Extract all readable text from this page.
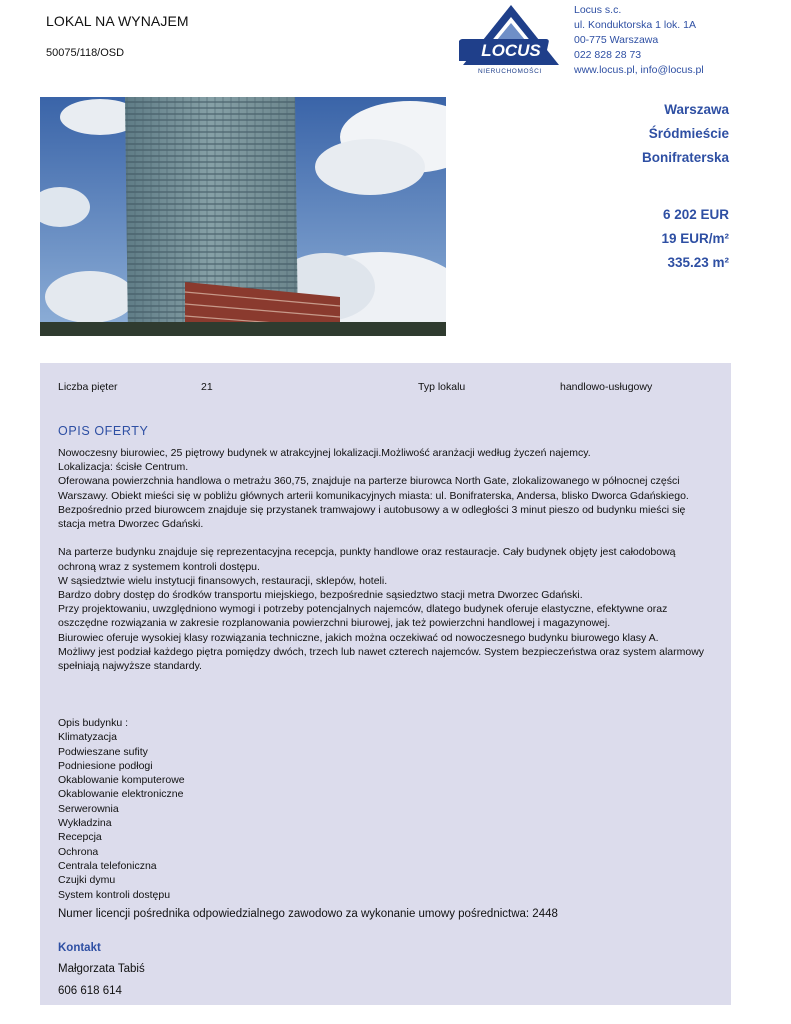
LOKAL NA WYNAJEM
50075/118/OSD	LOCUS
NIERUCHOMOŚCI
Locus s.c.
ul. Konduktorska 1 lok. 1A
00-775 Warszawa
022 828 28 73
www.locus.pl, info@locus.pl
Warszawa
Śródmieście
Bonifraterska
6 202 EUR
19 EUR/m²
335.23 m²
Liczba pięter	21	Typ lokalu	handlowo-usługowy
OPIS OFERTY
Nowoczesny biurowiec, 25 piętrowy budynek w atrakcyjnej lokalizacji.Możliwość aranżacji według życzeń najemcy.
Lokalizacja: ścisłe Centrum.
Oferowana powierzchnia handlowa o metrażu 360,75, znajduje na parterze biurowca North Gate, zlokalizowanego w północnej części
Warszawy. Obiekt mieści się w pobliżu głównych arterii komunikacyjnych miasta: ul. Bonifraterska, Andersa, blisko Dworca Gdańskiego.
Bezpośrednio przed biurowcem znajduje się przystanek tramwajowy i autobusowy a w odległości 3 minut pieszo od budynku mieści się
stacja metra Dworzec Gdański.
Na parterze budynku znajduje się reprezentacyjna recepcja, punkty handlowe oraz restauracje. Cały budynek objęty jest całodobową
ochroną wraz z systemem kontroli dostępu.
W sąsiedztwie wielu instytucji finansowych, restauracji, sklepów, hoteli.
Bardzo dobry dostęp do środków transportu miejskiego, bezpośrednie sąsiedztwo stacji metra Dworzec Gdański.
Przy projektowaniu, uwzględniono wymogi i potrzeby potencjalnych najemców, dlatego budynek oferuje elastyczne, efektywne oraz
oszczędne rozwiązania w zakresie rozplanowania powierzchni biurowej, jak też powierzchni handlowej i magazynowej.
Biurowiec oferuje wysokiej klasy rozwiązania techniczne, jakich można oczekiwać od nowoczesnego budynku biurowego klasy A.
Możliwy jest podział każdego piętra pomiędzy dwóch, trzech lub nawet czterech najemców. System bezpieczeństwa oraz system alarmowy
spełniają najwyższe standardy.
Opis budynku :
Klimatyzacja
Podwieszane sufity
Podniesione podłogi
Okablowanie komputerowe
Okablowanie elektroniczne
Serwerownia
Wykładzina
Recepcja
Ochrona
Centrala telefoniczna
Czujki dymu
System kontroli dostępu
Numer licencji pośrednika odpowiedzialnego zawodowo za wykonanie umowy pośrednictwa: 2448
Kontakt
Małgorzata Tabiś
606 618 614
